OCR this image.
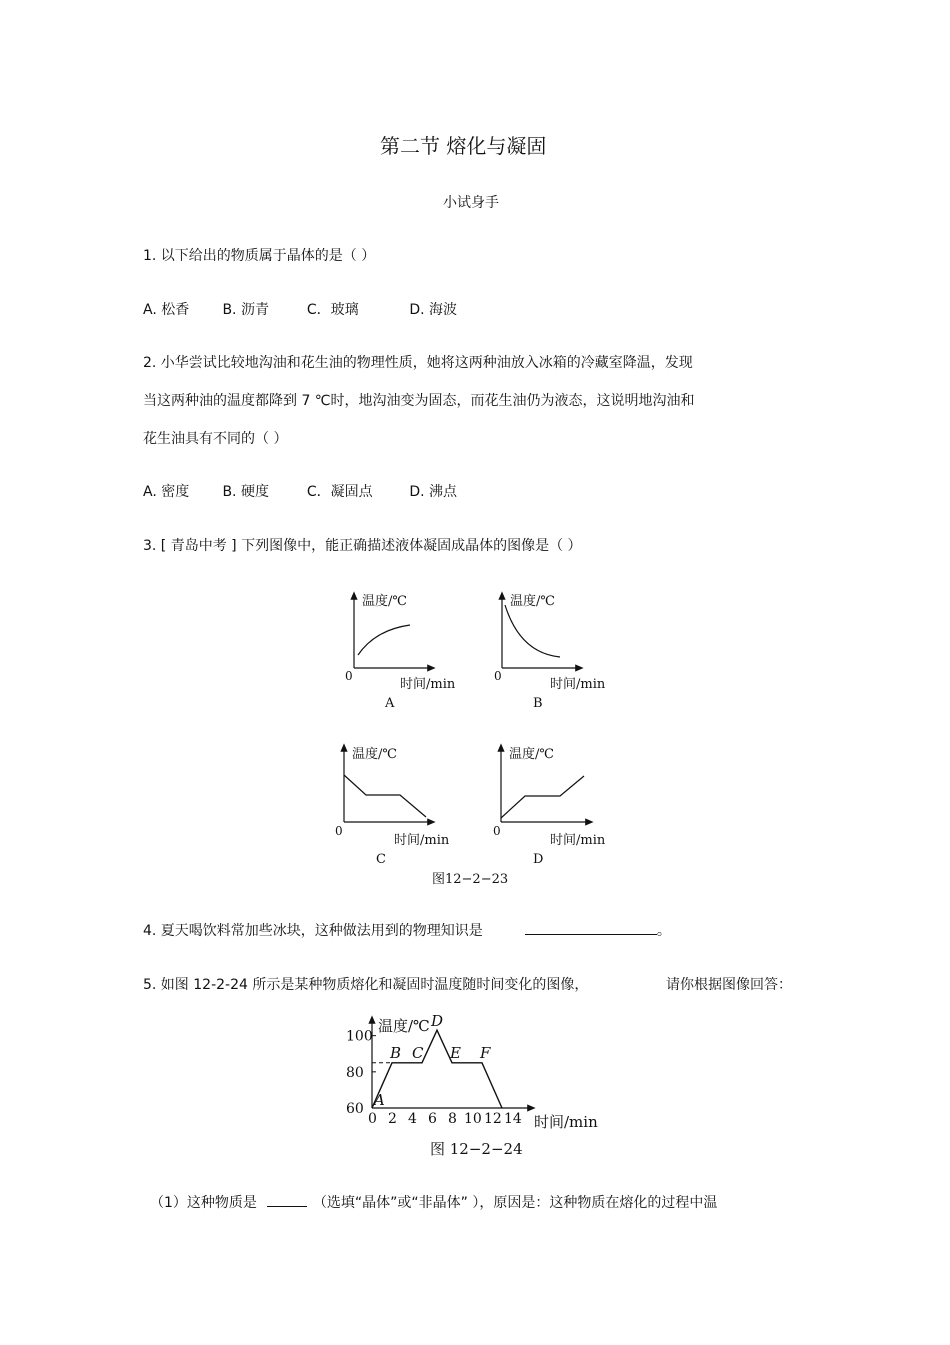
第二节 熔化与凝固
小试身手
1. 以下给出的物质属于晶体的是（ ）
A. 松香 B. 沥青	C．玻璃	D. 海波
2. 小华尝试比较地沟油和花生油的物理性质，她将这两种油放入冰箱的冷藏室降温，发现
当这两种油的温度都降到 7 ℃时，地沟油变为固态，而花生油仍为液态，这说明地沟油和
花生油具有不同的（ ）
A. 密度 B. 硬度	C．凝固点	D. 沸点
3. [ 青岛中考 ] 下列图像中，能正确描述液体凝固成晶体的图像是（ ）
温度/℃
时间/min
0
A
温度/℃
时间/min
0
B
温度/℃
时间/min
0
C
温度/℃
时间/min
0
D
图12−2−23
4. 夏天喝饮料常加些冰块，这种做法用到的物理知识是	。
5. 如图 12-2-24 所示是某种物质熔化和凝固时温度随时间变化的图像，	请你根据图像回答：
温度/℃
时间/min
0 2 4 6 8 10 12 14
60
80
100
A
B C
D
E F
图 12−2−24
（1）这种物质是	（选填“晶体”或“非晶体” ），原因是：这种物质在熔化的过程中温
